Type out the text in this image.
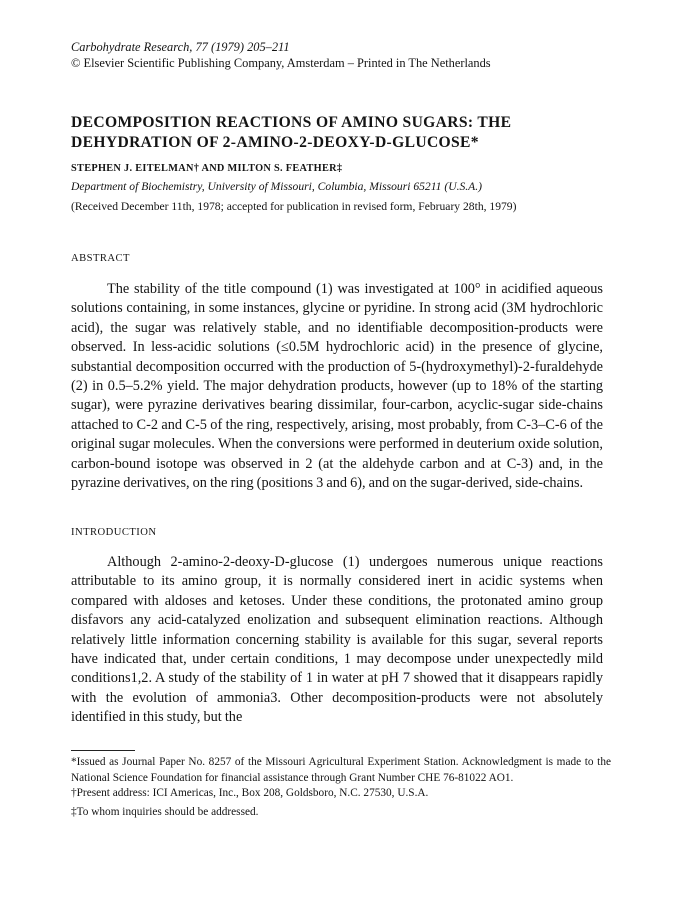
Carbohydrate Research, 77 (1979) 205–211
© Elsevier Scientific Publishing Company, Amsterdam – Printed in The Netherlands
DECOMPOSITION REACTIONS OF AMINO SUGARS: THE DEHYDRATION OF 2-AMINO-2-DEOXY-D-GLUCOSE*
STEPHEN J. EITELMAN† AND MILTON S. FEATHER‡
Department of Biochemistry, University of Missouri, Columbia, Missouri 65211 (U.S.A.)
(Received December 11th, 1978; accepted for publication in revised form, February 28th, 1979)
ABSTRACT

The stability of the title compound (1) was investigated at 100° in acidified aqueous solutions containing, in some instances, glycine or pyridine. In strong acid (3M hydrochloric acid), the sugar was relatively stable, and no identifiable decomposition-products were observed. In less-acidic solutions (≤0.5M hydrochloric acid) in the presence of glycine, substantial decomposition occurred with the production of 5-(hydroxymethyl)-2-furaldehyde (2) in 0.5–5.2% yield. The major dehydration products, however (up to 18% of the starting sugar), were pyrazine derivatives bearing dissimilar, four-carbon, acyclic-sugar side-chains attached to C-2 and C-5 of the ring, respectively, arising, most probably, from C-3–C-6 of the original sugar molecules. When the conversions were performed in deuterium oxide solution, carbon-bound isotope was observed in 2 (at the aldehyde carbon and at C-3) and, in the pyrazine derivatives, on the ring (positions 3 and 6), and on the sugar-derived, side-chains.

INTRODUCTION

Although 2-amino-2-deoxy-D-glucose (1) undergoes numerous unique reactions attributable to its amino group, it is normally considered inert in acidic systems when compared with aldoses and ketoses. Under these conditions, the protonated amino group disfavors any acid-catalyzed enolization and subsequent elimination reactions. Although relatively little information concerning stability is available for this sugar, several reports have indicated that, under certain conditions, 1 may decompose under unexpectedly mild conditions1,2. A study of the stability of 1 in water at pH 7 showed that it disappears rapidly with the evolution of ammonia3. Other decomposition-products were not absolutely identified in this study, but the

*Issued as Journal Paper No. 8257 of the Missouri Agricultural Experiment Station. Acknowledgment is made to the National Science Foundation for financial assistance through Grant Number CHE 76-81022 AO1.

†Present address: ICI Americas, Inc., Box 208, Goldsboro, N.C. 27530, U.S.A.

‡To whom inquiries should be addressed.
